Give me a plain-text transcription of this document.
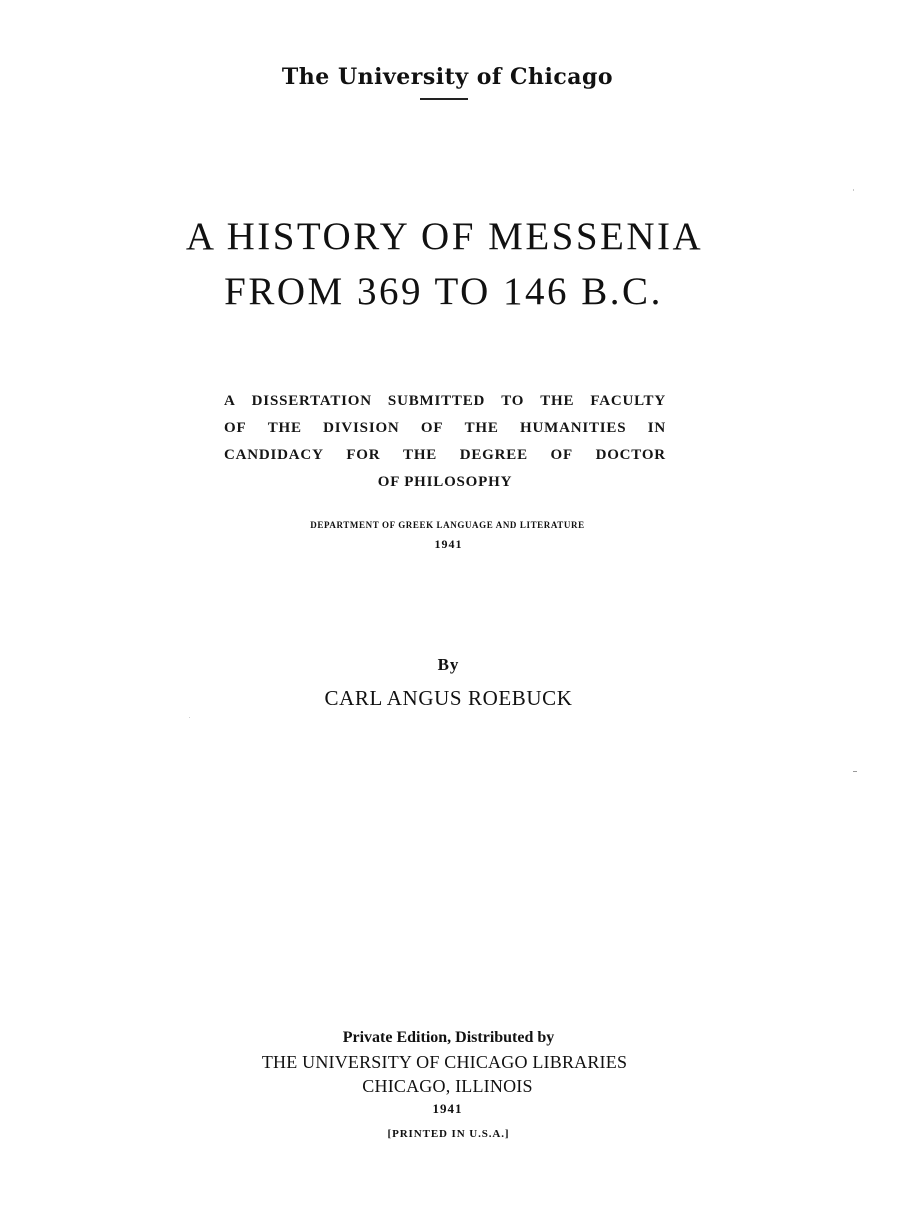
The University of Chicago
A HISTORY OF MESSENIA
FROM 369 TO 146 B.C.
A DISSERTATION SUBMITTED TO THE FACULTY
OF THE DIVISION OF THE HUMANITIES IN
CANDIDACY FOR THE DEGREE OF DOCTOR
OF PHILOSOPHY
DEPARTMENT OF GREEK LANGUAGE AND LITERATURE
1941
By
CARL ANGUS ROEBUCK
Private Edition, Distributed by
THE UNIVERSITY OF CHICAGO LIBRARIES
CHICAGO, ILLINOIS
1941
[PRINTED IN U.S.A.]
